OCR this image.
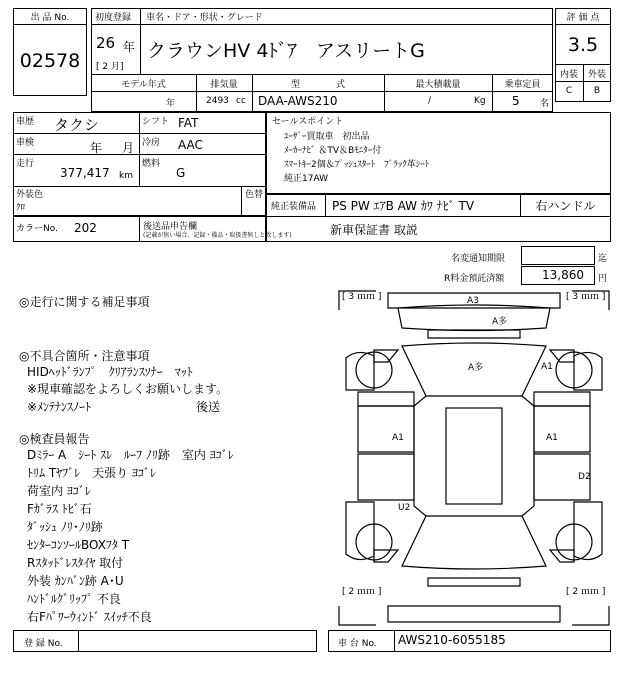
出 品 No.
02578
初度登録 車名・ドア・形状・グレード
26 年
[ 2 月]
クラウンHV 4ﾄﾞｱ　アスリートG
モデル年式	排気量	型　　　　式	最大積載量	乗車定員
年	2493 cc DAA-AWS210	/	Kg 5 名
評 価 点
3.5
内装	外装
C	B
車歴 タクシ	シフト FAT
車検	年 月 冷房 AAC
走行
377,417 km
燃料
G
外装色
ｸﾛ
色替
カラーNo. 202	後送品申告欄
(記載が無い場合、記録・備品・取扱書無しと致します)
セールスポイント
ﾕｰｻﾞｰ買取車　初出品
ﾒｰｶｰﾅﾋﾞ ＆TV＆Bﾓﾆﾀｰ付
ｽﾏｰﾄｷｰ2個＆ﾌﾟｯｼｭｽﾀｰﾄ　ﾌﾞﾗｯｸ革ｼｰﾄ
純正17AW
純正装備品 PS PW ｴｱB AW ｶﾜ ﾅﾋﾞ TV	右ハンドル
新車保証書 取説
名変通知期限	迄
R料金預託済額	13,860 円
◎走行に関する補足事項
◎不具合箇所・注意事項
HIDﾍｯﾄﾞﾗﾝﾌﾟ　ｸﾘｱﾗﾝｽｿﾅｰ　ﾏｯﾄ
※現車確認をよろしくお願いします。
※ﾒﾝﾃﾅﾝｽﾉｰﾄ	後送
◎検査員報告
Dﾐﾗｰ A　ｼｰﾄ ｽﾚ　ﾙｰﾌ ﾉﾘ跡　室内 ﾖｺﾞﾚ
ﾄﾘﾑ Tﾔﾌﾞﾚ　天張り ﾖｺﾞﾚ
荷室内 ﾖｺﾞﾚ
Fｶﾞﾗｽ ﾄﾋﾞ石
ﾀﾞｯｼｭ ﾉﾘ･ﾉﾘ跡
ｾﾝﾀｰｺﾝｿｰﾙBOXﾌﾀ T
Rｽﾀｯﾄﾞﾚｽﾀｲﾔ 取付
外装 ｶﾝﾊﾞﾝ跡 A･U
ﾊﾝﾄﾞﾙｸﾞﾘｯﾌﾟ 不良
右Fﾊﾟﾜｰｳｨﾝﾄﾞ ｽｲｯﾁ不良
[ 3 ｍｍ ]	[ 3 ｍｍ ]
[ 2 ｍｍ ]	[ 2 ｍｍ ]
A3
A多
A多	A1
A1	A1
D2
U2
登 録 No.	車 台 No. AWS210-6055185
